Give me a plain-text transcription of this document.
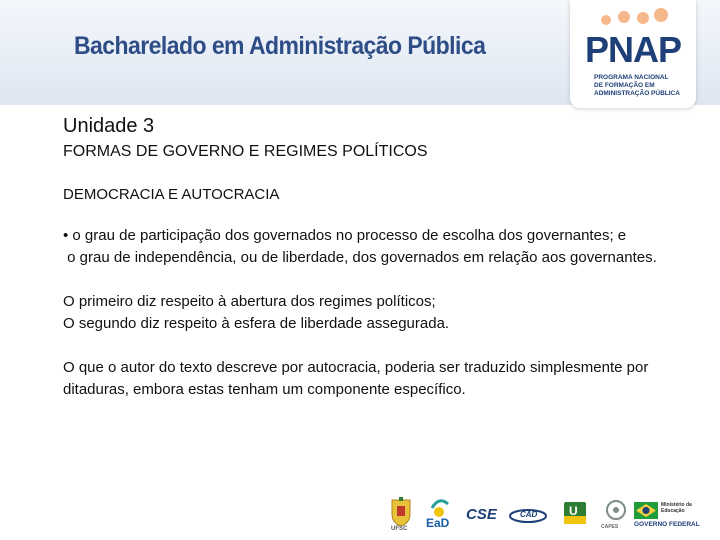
Bacharelado em Administração Pública	PNAP
PROGRAMA NACIONAL
DE FORMAÇÃO EM
ADMINISTRAÇÃO PÚBLICA

Unidade 3

FORMAS DE GOVERNO E REGIMES POLÍTICOS

DEMOCRACIA E AUTOCRACIA

• o grau de participação dos governados no processo de escolha dos governantes; e
o grau de independência, ou de liberdade, dos governados em relação aos governantes.

O primeiro diz respeito à abertura dos regimes políticos;
O segundo diz respeito à esfera de liberdade assegurada.

O que o autor do texto descreve por autocracia, poderia ser traduzido simplesmente por ditaduras, embora estas tenham um componente específico.

UFSC EaD CSE	CAD	U
CAPES
Ministério da Educação
GOVERNO FEDERAL
